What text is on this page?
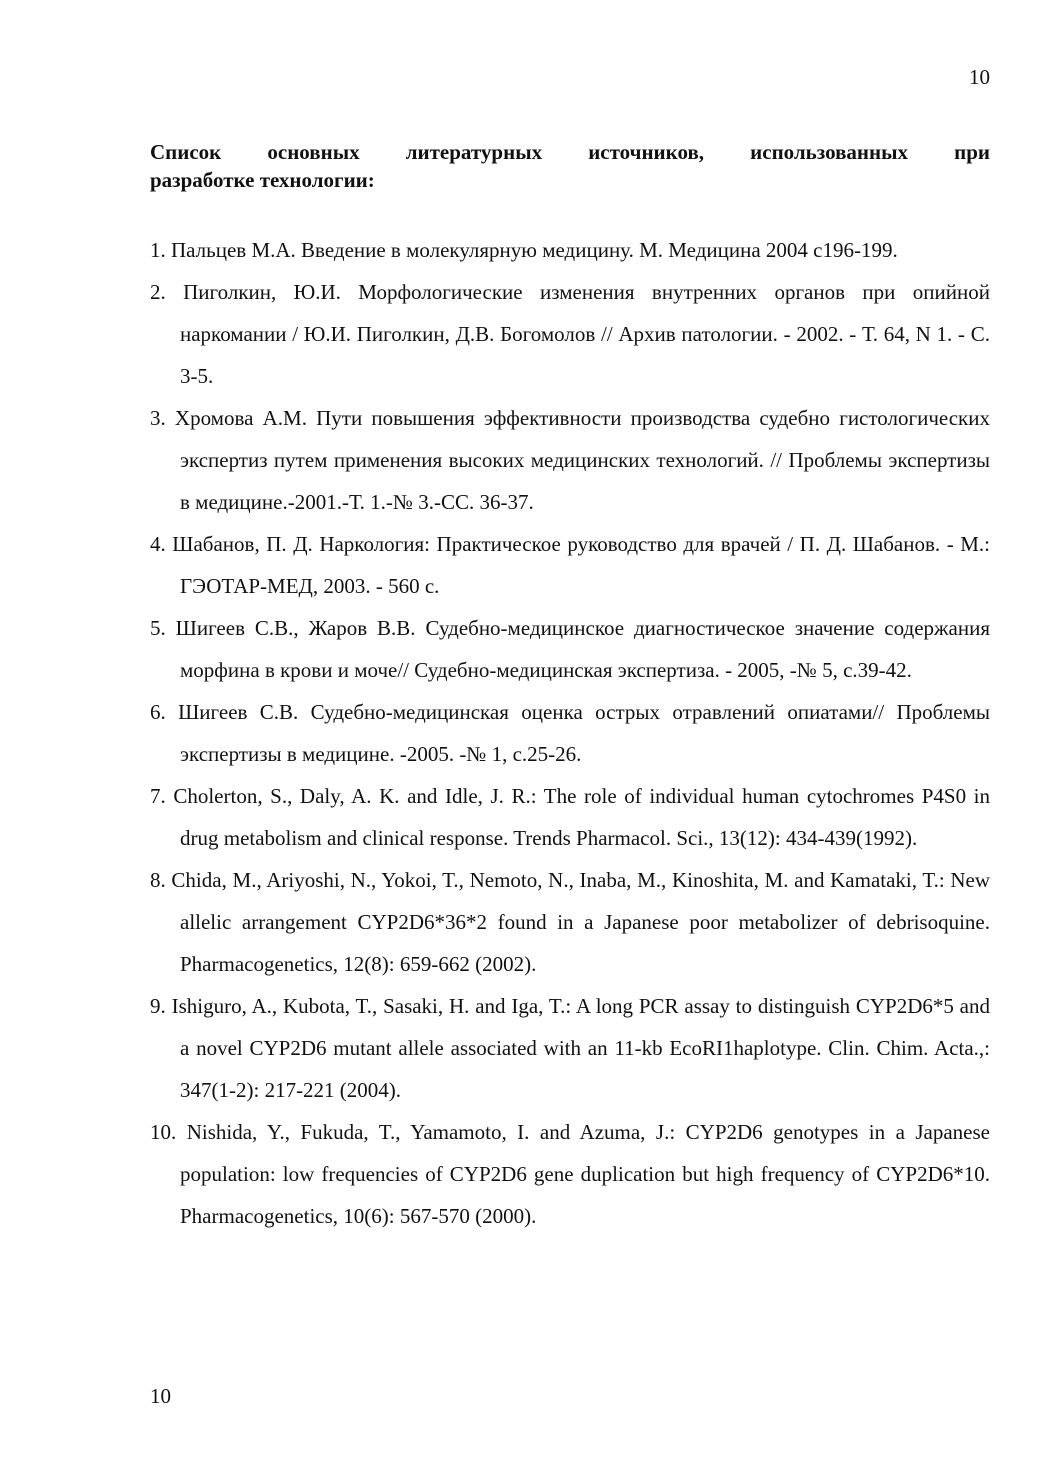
10
Список основных литературных источников, использованных при
разработке технологии:
1. Пальцев М.А. Введение в молекулярную медицину. М. Медицина 2004 с196-199.
2. Пиголкин, Ю.И. Морфологические изменения внутренних органов при опийной наркомании / Ю.И. Пиголкин, Д.В. Богомолов // Архив патологии. - 2002. - Т. 64, N 1. - С. 3-5.
3. Хромова А.М. Пути повышения эффективности производства судебно гистологических экспертиз путем применения высоких медицинских технологий. // Проблемы экспертизы в медицине.-2001.-Т. 1.-№ 3.-СС. 36-37.
4. Шабанов, П. Д. Наркология: Практическое руководство для врачей / П. Д. Шабанов. - М.: ГЭОТАР-МЕД, 2003. - 560 с.
5. Шигеев С.В., Жаров В.В. Судебно-медицинское диагностическое значение содержания морфина в крови и моче// Судебно-медицинская экспертиза. - 2005, -№ 5, с.39-42.
6. Шигеев С.В. Судебно-медицинская оценка острых отравлений опиатами// Проблемы экспертизы в медицине. -2005. -№ 1, с.25-26.
7. Cholerton, S., Daly, A. K. and Idle, J. R.: The role of individual human cytochromes P4S0 in drug metabolism and clinical response. Trends Pharmacol. Sci., 13(12): 434-439(1992).
8. Chida, M., Ariyoshi, N., Yokoi, T., Nemoto, N., Inaba, M., Kinoshita, M. and Kamataki, T.: New allelic arrangement CYP2D6*36*2 found in a Japanese poor metabolizer of debrisoquine. Pharmacogenetics, 12(8): 659-662 (2002).
9. Ishiguro, A., Kubota, T., Sasaki, H. and Iga, T.: A long PCR assay to distinguish CYP2D6*5 and a novel CYP2D6 mutant allele associated with an 11-kb EcoRI1haplotype. Clin. Chim. Acta.,: 347(1-2): 217-221 (2004).
10. Nishida, Y., Fukuda, T., Yamamoto, I. and Azuma, J.: CYP2D6 genotypes in a Japanese population: low frequencies of CYP2D6 gene duplication but high frequency of CYP2D6*10. Pharmacogenetics, 10(6): 567-570 (2000).
10
